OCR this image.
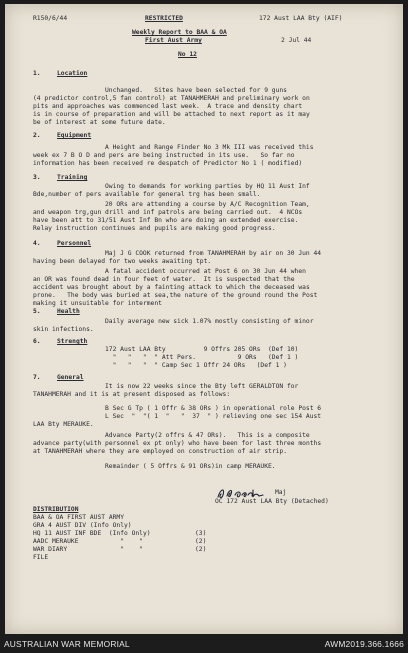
R150/6/44	RESTRICTED	172 Aust LAA Bty (AIF)
Weekly Report to BAA & OA
First Aust Army	2 Jul 44
No 12
1.	Location
Unchanged.   Sites have been selected for 9 guns
(4 predictor control,5 fan control) at TANAHMERAH and preliminary work on
pits and approaches was commenced last week.  A trace and density chart
is in course of preparation and will be attached to next report as it may
be of interest at some future date.
2.	Equipment
A Height and Range Finder No 3 Mk III was received this
week ex 7 B O D and pers are being instructed in its use.   So far no
information has been received re despatch of Predictor No 1 ( modified)
3.	Training
Owing to demands for working parties by HQ 11 Aust Inf
Bde,number of pers available for general trg has been small.
20 ORs are attending a course by A/C Recognition Team,
and weapon trg,gun drill and inf patrols are being carried out.  4 NCOs
have been att to 31/51 Aust Inf Bn who are doing an extended exercise.
Relay instruction continues and pupils are making good progress.
4.	Personnel
Maj J G COOK returned from TANAHMERAH by air on 30 Jun 44
having been delayed for two weeks awaiting tpt.
A fatal accident occurred at Post 6 on 30 Jun 44 when
an OR was found dead in four feet of water.  It is suspected that the
accident was brought about by a fainting attack to which the deceased was
prone.   The body was buried at sea,the nature of the ground round the Post
making it unsuitable for interment
5.	Health
Daily average new sick 1.07% mostly consisting of minor
skin infections.
6.	Strength
172 Aust LAA Bty          9 Offrs 205 ORs  (Def 10)
"   "   "  " Att Pers.           9 ORs   (Def 1 )
"   "   "  " Camp Sec 1 Offr 24 ORs   (Def 1 )
7.	General
It is now 22 weeks since the Bty left GERALDTON for
TANAHMERAH and it is at present disposed as follows:
B Sec G Tp ( 1 Offr & 38 ORs ) in operational role Post 6
L Sec  "  "( 1  "   "  37  " ) relieving one sec 154 Aust
LAA Bty MERAUKE.
Advance Party(2 offrs & 47 ORs).   This is a composite
advance party(with personnel ex pt only) who have been for last three months
at TANAHMERAH where they are employed on construction of air strip.
Remainder ( 5 Offrs & 91 ORs)in camp MERAUKE.
Maj
OC 172 Aust LAA Bty (Detached)
DISTRIBUTION
BAA & OA FIRST AUST ARMY
GRA 4 AUST DIV (Info Only)
HQ 11 AUST INF BDE  (Info Only)	(3)
AADC MERAUKE           "    "	(2)
WAR DIARY              "    "	(2)
FILE
AUSTRALIAN WAR MEMORIAL	AWM2019.366.1666
